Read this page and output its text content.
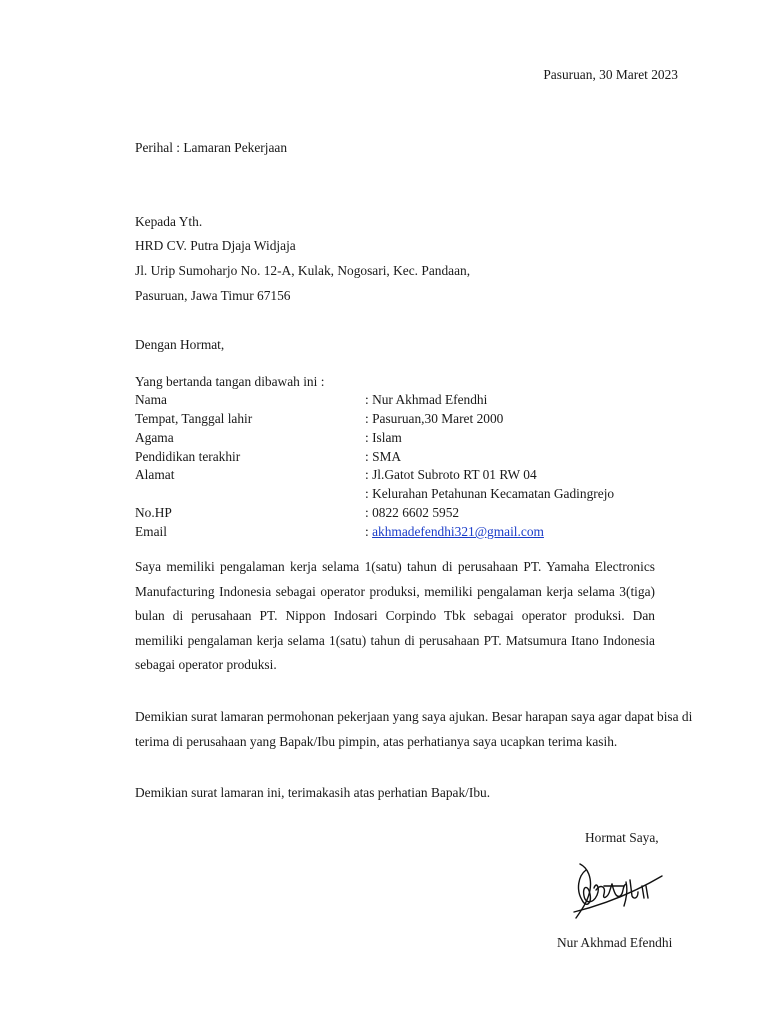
Pasuruan, 30 Maret 2023
Perihal : Lamaran Pekerjaan
Kepada Yth.
HRD CV. Putra Djaja Widjaja
Jl. Urip Sumoharjo No. 12-A, Kulak, Nogosari, Kec. Pandaan,
Pasuruan, Jawa Timur 67156
Dengan Hormat,
Yang bertanda tangan dibawah ini :
Nama	: Nur Akhmad Efendhi
Tempat, Tanggal lahir	: Pasuruan,30 Maret 2000
Agama	: Islam
Pendidikan terakhir	: SMA
Alamat	: Jl.Gatot Subroto RT 01 RW 04
: Kelurahan Petahunan Kecamatan Gadingrejo
No.HP	: 0822 6602 5952
Email	: akhmadefendhi321@gmail.com
Saya memiliki pengalaman kerja selama 1(satu) tahun di perusahaan PT. Yamaha Electronics Manufacturing Indonesia sebagai operator produksi, memiliki pengalaman kerja selama 3(tiga) bulan di perusahaan PT. Nippon Indosari Corpindo Tbk sebagai operator produksi. Dan memiliki pengalaman kerja selama 1(satu) tahun di perusahaan PT. Matsumura Itano Indonesia sebagai operator produksi.
Demikian surat lamaran permohonan pekerjaan yang saya ajukan. Besar harapan saya agar dapat bisa di terima di perusahaan yang Bapak/Ibu pimpin, atas perhatianya saya ucapkan terima kasih.
Demikian surat lamaran ini, terimakasih atas perhatian Bapak/Ibu.
Hormat Saya,
Nur Akhmad Efendhi
